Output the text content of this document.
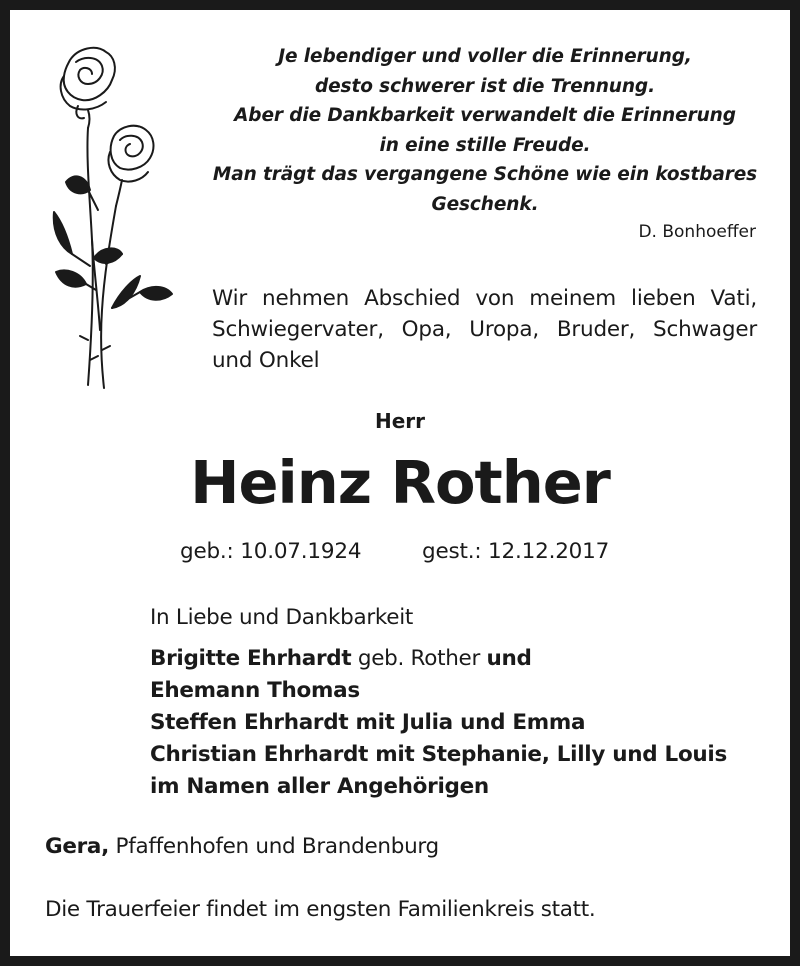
Je lebendiger und voller die Erinnerung,
desto schwerer ist die Trennung.
Aber die Dankbarkeit verwandelt die Erinnerung
in eine stille Freude.
Man trägt das vergangene Schöne wie ein kostbares
Geschenk.
D. Bonhoeffer
Wir nehmen Abschied von meinem lieben Vati,
Schwiegervater, Opa, Uropa, Bruder, Schwager
und Onkel
Herr
Heinz Rother
geb.: 10.07.1924	gest.: 12.12.2017
In Liebe und Dankbarkeit
Brigitte Ehrhardt geb. Rother und
Ehemann Thomas
Steffen Ehrhardt mit Julia und Emma
Christian Ehrhardt mit Stephanie, Lilly und Louis
im Namen aller Angehörigen
Gera, Pfaffenhofen und Brandenburg
Die Trauerfeier findet im engsten Familienkreis statt.
